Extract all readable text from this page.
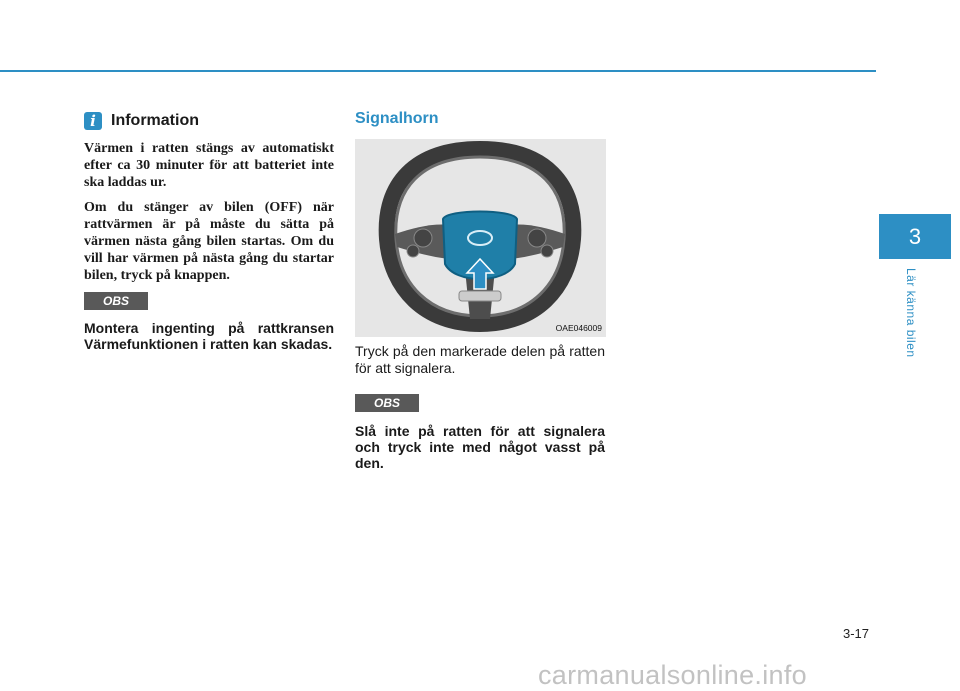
3
Lär känna bilen
i Information

Värmen i ratten stängs av automatiskt efter ca 30 minuter för att batteriet inte ska laddas ur.

Om du stänger av bilen (OFF) när rattvärmen är på måste du sätta på värmen nästa gång bilen startas. Om du vill har värmen på nästa gång du startar bilen, tryck på knappen.

OBS

Montera ingenting på rattkransen Värmefunktionen i ratten kan skadas.

Signalhorn
OAE046009

Tryck på den markerade delen på ratten för att signalera.

OBS

Slå inte på ratten för att signalera och tryck inte med något vasst på den.

3-17
carmanualsonline.info
